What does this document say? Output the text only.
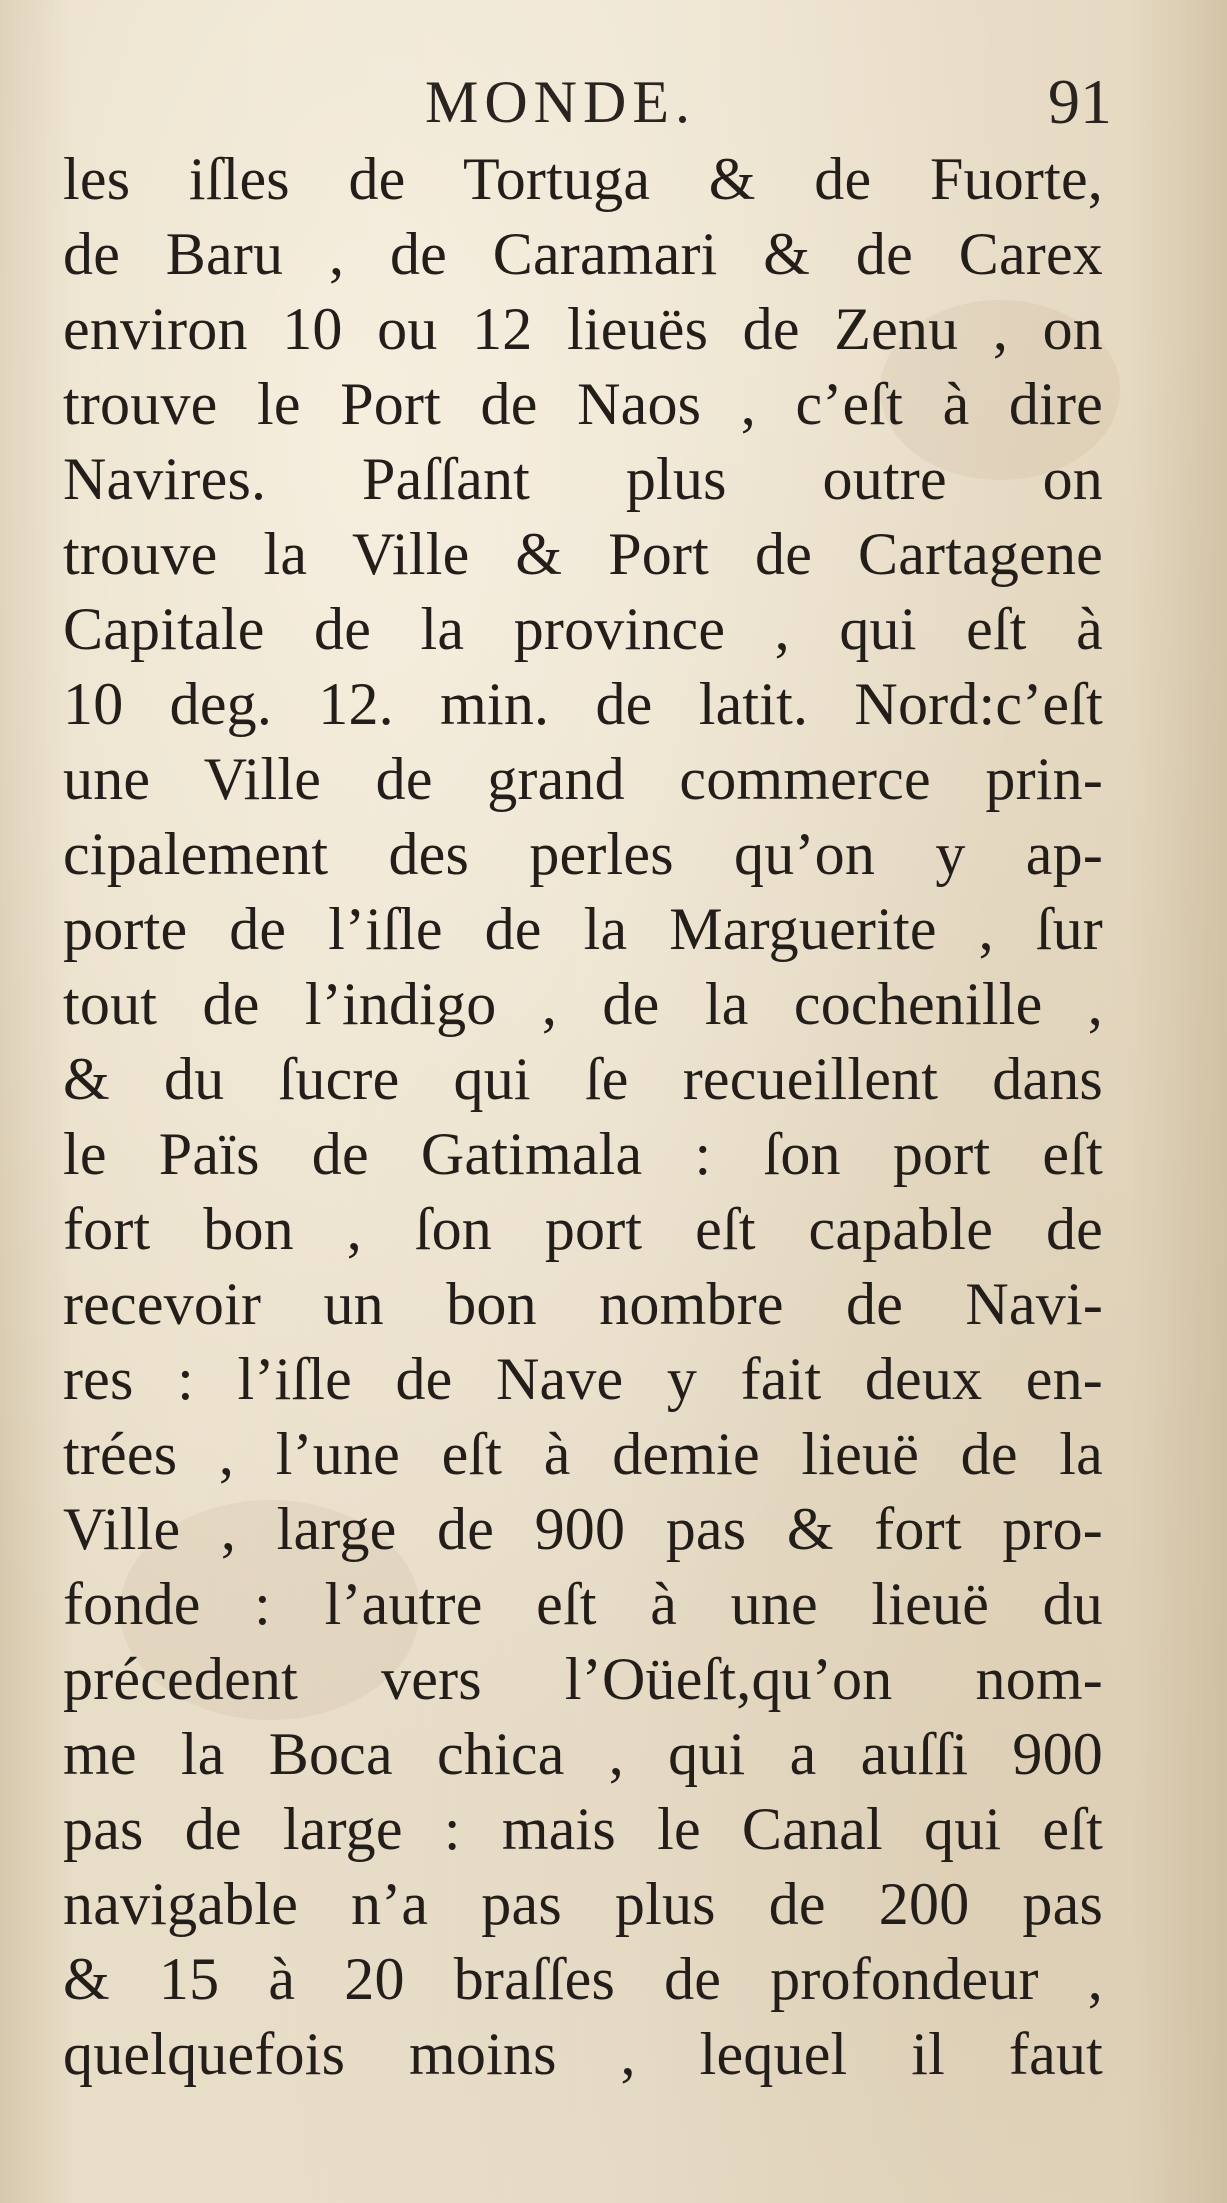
MONDE.	91
les iſles de Tortuga & de Fuorte,
de Baru , de Caramari & de Carex
environ 10 ou 12 lieuës de Zenu , on
trouve le Port de Naos , c’eſt à dire
Navires. Paſſant plus outre on
trouve la Ville & Port de Cartagene
Capitale de la province , qui eſt à
10 deg. 12. min. de latit. Nord:c’eſt
une Ville de grand commerce prin-
cipalement des perles qu’on y ap-
porte de l’iſle de la Marguerite , ſur
tout de l’indigo , de la cochenille ,
& du ſucre qui ſe recueillent dans
le Païs de Gatimala : ſon port eſt
fort bon , ſon port eſt capable de
recevoir un bon nombre de Navi-
res : l’iſle de Nave y fait deux en-
trées , l’une eſt à demie lieuë de la
Ville , large de 900 pas & fort pro-
fonde : l’autre eſt à une lieuë du
précedent vers l’Oüeſt,qu’on nom-
me la Boca chica , qui a auſſi 900
pas de large : mais le Canal qui eſt
navigable n’a pas plus de 200 pas
& 15 à 20 braſſes de profondeur ,
quelquefois moins , lequel il faut
